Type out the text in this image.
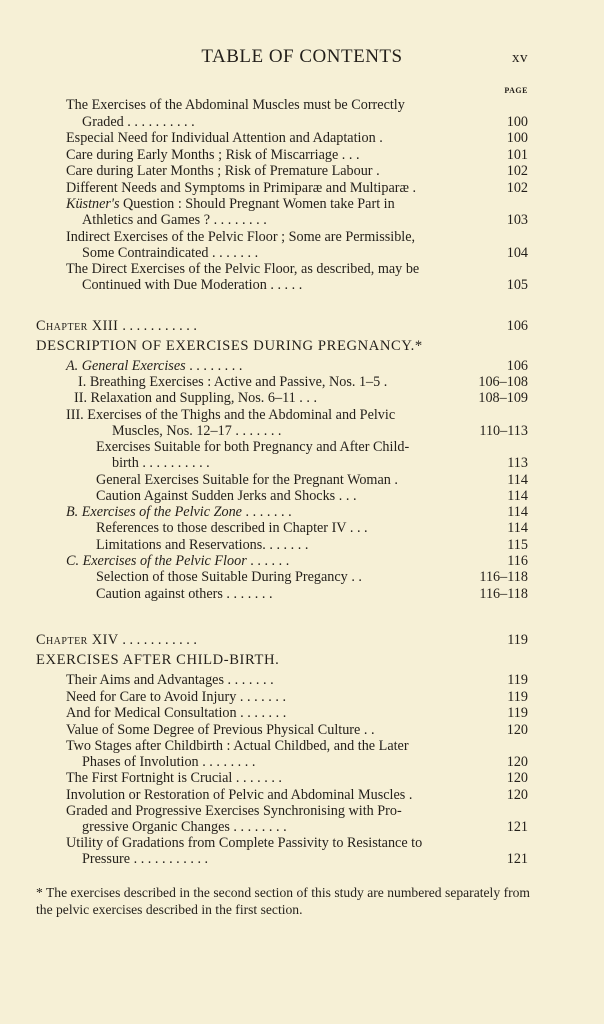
TABLE OF CONTENTS	xv
PAGE
The Exercises of the Abdominal Muscles must be Correctly
Graded . . . . . . . . . .	100
Especial Need for Individual Attention and Adaptation .	100
Care during Early Months ; Risk of Miscarriage . . .	101
Care during Later Months ; Risk of Premature Labour .	102
Different Needs and Symptoms in Primiparæ and Multiparæ .	102
Küstner's Question : Should Pregnant Women take Part in
Athletics and Games ? . . . . . . . .	103
Indirect Exercises of the Pelvic Floor ; Some are Permissible,
Some Contraindicated . . . . . . .	104
The Direct Exercises of the Pelvic Floor, as described, may be
Continued with Due Moderation . . . . .	105
Chapter XIII . . . . . . . . . . .	106
DESCRIPTION OF EXERCISES DURING PREGNANCY.*
A. General Exercises . . . . . . . .	106
I. Breathing Exercises : Active and Passive, Nos. 1–5 .	106–108
II. Relaxation and Suppling, Nos. 6–11 . . .	108–109
III. Exercises of the Thighs and the Abdominal and Pelvic
Muscles, Nos. 12–17 . . . . . . .	110–113
Exercises Suitable for both Pregnancy and After Child-
birth . . . . . . . . . .	113
General Exercises Suitable for the Pregnant Woman .	114
Caution Against Sudden Jerks and Shocks . . .	114
B. Exercises of the Pelvic Zone . . . . . . .	114
References to those described in Chapter IV . . .	114
Limitations and Reservations. . . . . . .	115
C. Exercises of the Pelvic Floor . . . . . .	116
Selection of those Suitable During Pregancy . .	116–118
Caution against others . . . . . . .	116–118
Chapter XIV . . . . . . . . . . .	119
EXERCISES AFTER CHILD-BIRTH.
Their Aims and Advantages . . . . . . .	119
Need for Care to Avoid Injury . . . . . . .	119
And for Medical Consultation . . . . . . .	119
Value of Some Degree of Previous Physical Culture . .	120
Two Stages after Childbirth : Actual Childbed, and the Later
Phases of Involution . . . . . . . .	120
The First Fortnight is Crucial . . . . . . .	120
Involution or Restoration of Pelvic and Abdominal Muscles .	120
Graded and Progressive Exercises Synchronising with Pro-
gressive Organic Changes . . . . . . . .	121
Utility of Gradations from Complete Passivity to Resistance to
Pressure . . . . . . . . . . .	121
* The exercises described in the second section of this study are numbered separately from the pelvic exercises described in the first section.
